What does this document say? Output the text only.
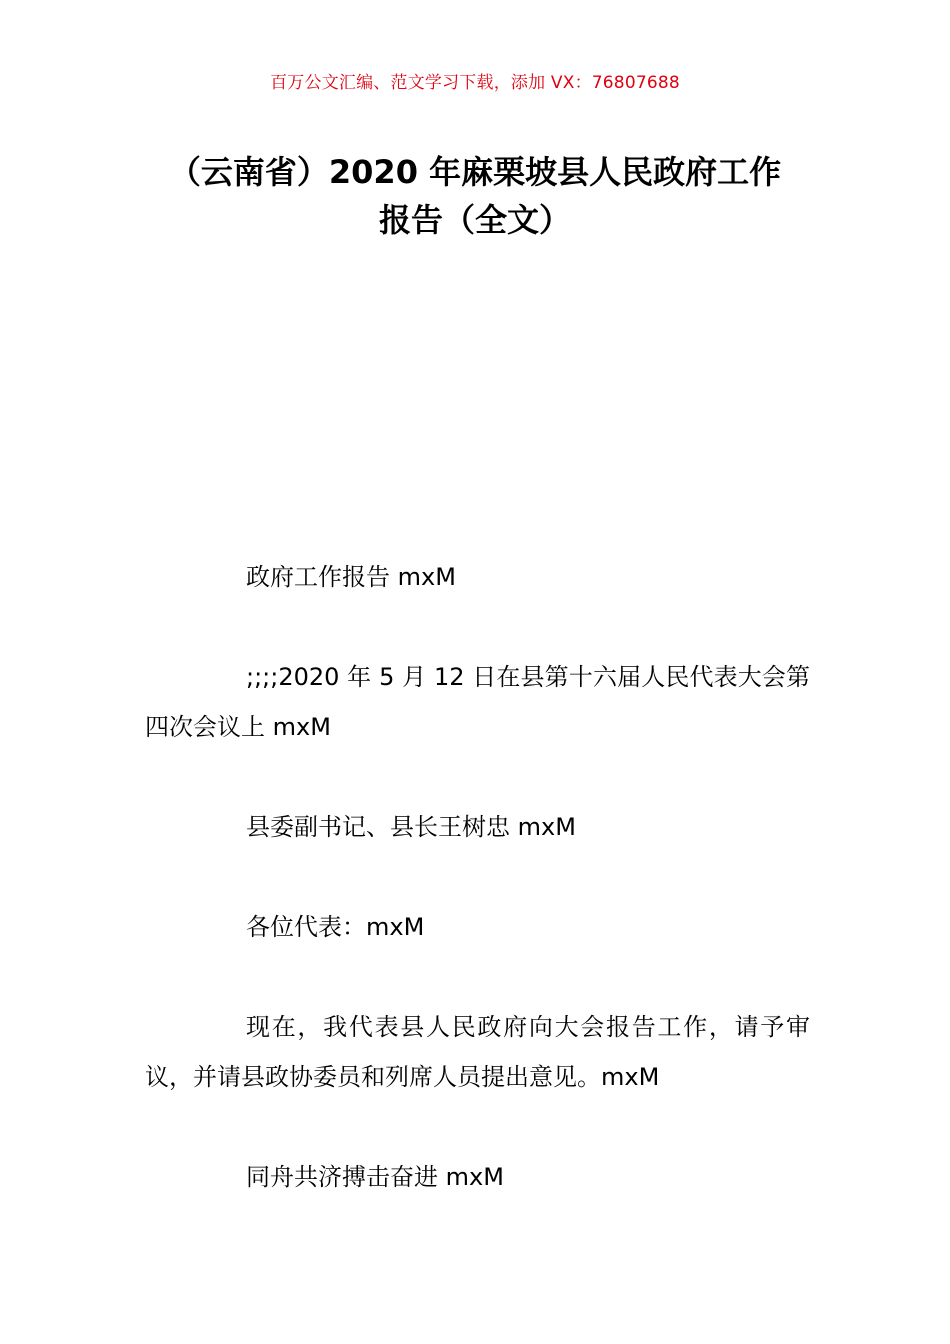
百万公文汇编、范文学习下载，添加 VX：76807688
（云南省）2020 年麻栗坡县人民政府工作
报告（全文）

政府工作报告 mxM

;;;;2020 年 5 月 12 日在县第十六届人民代表大会第四次会议上 mxM

县委副书记、县长王树忠 mxM

各位代表：mxM

现在，我代表县人民政府向大会报告工作，请予审议，并请县政协委员和列席人员提出意见。mxM

同舟共济搏击奋进 mxM
